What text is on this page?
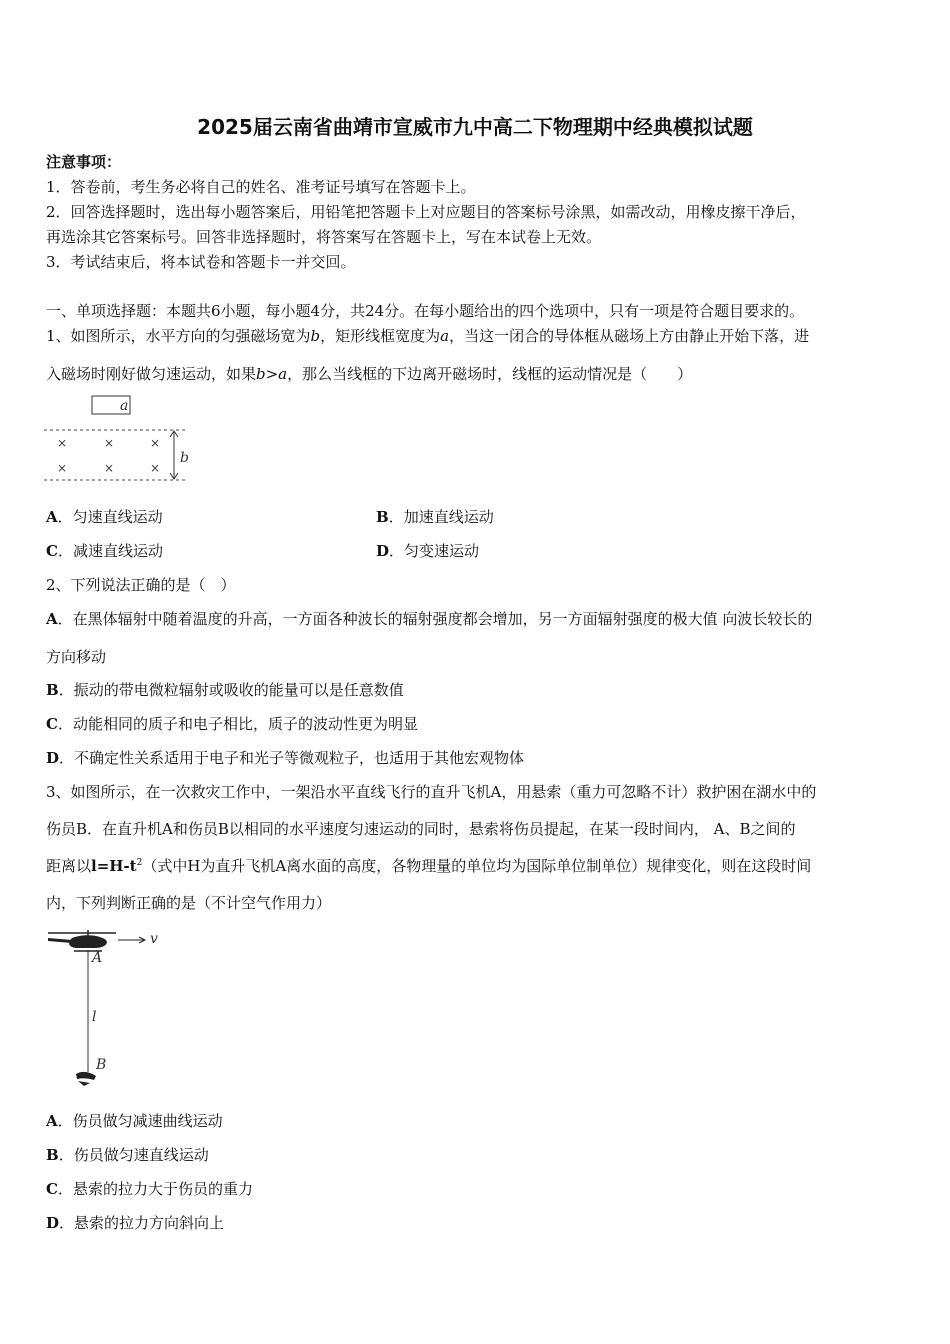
2025届云南省曲靖市宣威市九中高二下物理期中经典模拟试题
注意事项：
1．答卷前，考生务必将自己的姓名、准考证号填写在答题卡上。
2．回答选择题时，选出每小题答案后，用铅笔把答题卡上对应题目的答案标号涂黑，如需改动，用橡皮擦干净后，
再选涂其它答案标号。回答非选择题时，将答案写在答题卡上，写在本试卷上无效。
3．考试结束后，将本试卷和答题卡一并交回。
一、单项选择题：本题共6小题，每小题4分，共24分。在每小题给出的四个选项中，只有一项是符合题目要求的。
1、如图所示，水平方向的匀强磁场宽为b，矩形线框宽度为a，当这一闭合的导体框从磁场上方由静止开始下落，进
入磁场时刚好做匀速运动，如果b>a，那么当线框的下边离开磁场时，线框的运动情况是（　　）
a
×	×	×
×	×	×
b
A．匀速直线运动	B．加速直线运动
C．减速直线运动	D．匀变速运动
2、下列说法正确的是（　）
A．在黑体辐射中随着温度的升高，一方面各种波长的辐射强度都会增加，另一方面辐射强度的极大值 向波长较长的
方向移动
B．振动的带电微粒辐射或吸收的能量可以是任意数值
C．动能相同的质子和电子相比，质子的波动性更为明显
D．不确定性关系适用于电子和光子等微观粒子，也适用于其他宏观物体
3、如图所示，在一次救灾工作中，一架沿水平直线飞行的直升飞机A，用悬索（重力可忽略不计）救护困在湖水中的
伤员B．在直升机A和伤员B以相同的水平速度匀速运动的同时，悬索将伤员提起，在某一段时间内， A、B之间的
距离以$l=H-t^2$（式中H为直升飞机A离水面的高度，各物理量的单位均为国际单位制单位）规律变化，则在这段时间
内，下列判断正确的是（不计空气作用力）
v
A
l
B
A．伤员做匀减速曲线运动
B．伤员做匀速直线运动
C．悬索的拉力大于伤员的重力
D．悬索的拉力方向斜向上
